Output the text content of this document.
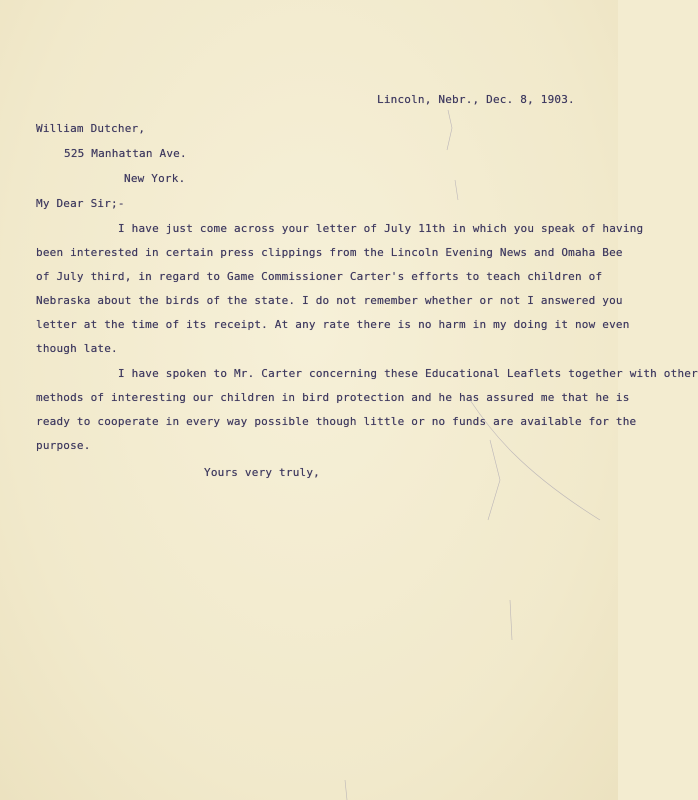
Lincoln, Nebr., Dec. 8, 1903.
William Dutcher,
525 Manhattan Ave.
New York.
My Dear Sir;-
I have just come across your letter of July 11th in which you speak of having
been interested in certain press clippings from the Lincoln Evening News and Omaha Bee
of July third, in regard to Game Commissioner Carter's efforts to teach children of
Nebraska about the birds of the state. I do not remember whether or not I answered you
letter at the time of its receipt. At any rate there is no harm in my doing it now even
though late.
I have spoken to Mr. Carter concerning these Educational Leaflets together with other
methods of interesting our children in bird protection and he has assured me that he is
ready to cooperate in every way possible though little or no funds are available for the
purpose.
Yours very truly,
